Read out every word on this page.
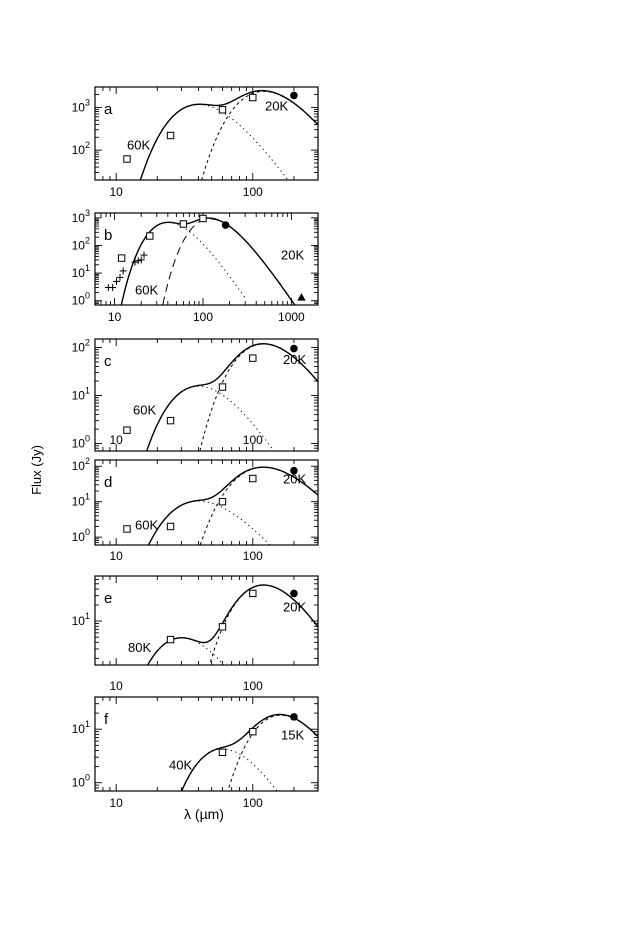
Flux (Jy)
λ (µm)
10	100
$10^2$
$10^3$ a
60K
20K
10	100	1000
$10^0$
$10^1$
$10^2$
$10^3$
b
60K
20K
10	100
$10^0$
$10^1$
$10^2$
c
60K
20K
10	100
$10^0$
$10^1$
$10^2$
d
60K
20K
10	100
$10^1$
e
80K
20K
10	100
$10^0$
$10^1$ f
40K
15K
